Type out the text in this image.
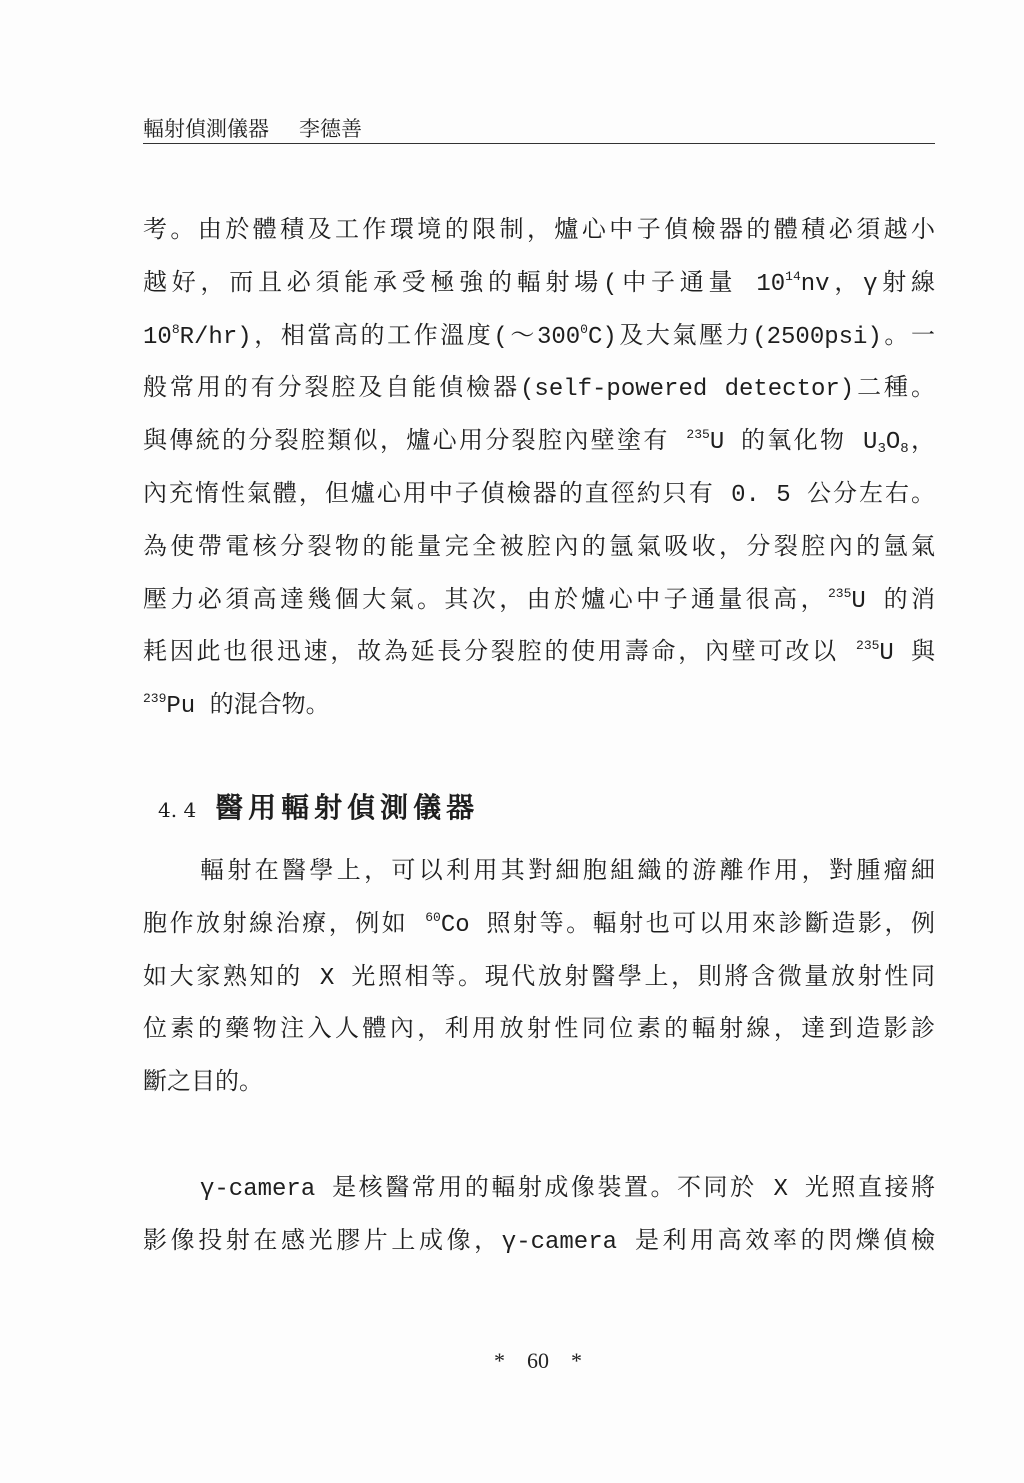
輻射偵測儀器 李德善
考。由於體積及工作環境的限制，爐心中子偵檢器的體積必須越小
越好，而且必須能承受極強的輻射場(中子通量 $10^{14}nv$，γ射線
$10^8R/hr$)，相當高的工作溫度$(\sim 300^0C)$及大氣壓力(2500psi)。一
般常用的有分裂腔及自能偵檢器(self-powered detector)二種。
與傳統的分裂腔類似，爐心用分裂腔內壁塗有 $^{235}$U 的氧化物 $U_3O_8$，
內充惰性氣體，但爐心用中子偵檢器的直徑約只有 0. 5 公分左右。
為使帶電核分裂物的能量完全被腔內的氬氣吸收，分裂腔內的氬氣
壓力必須高達幾個大氣。其次，由於爐心中子通量很高，$^{235}$U 的消
耗因此也很迅速，故為延長分裂腔的使用壽命，內壁可改以 $^{235}$U 與
$^{239}$Pu 的混合物。
4. 4 醫用輻射偵測儀器
輻射在醫學上，可以利用其對細胞組織的游離作用，對腫瘤細
胞作放射線治療，例如 $^{60}$Co 照射等。輻射也可以用來診斷造影，例
如大家熟知的 X 光照相等。現代放射醫學上，則將含微量放射性同
位素的藥物注入人體內，利用放射性同位素的輻射線，達到造影診
斷之目的。
γ-camera 是核醫常用的輻射成像裝置。不同於 X 光照直接將
影像投射在感光膠片上成像，γ-camera 是利用高效率的閃爍偵檢
* 60 *
